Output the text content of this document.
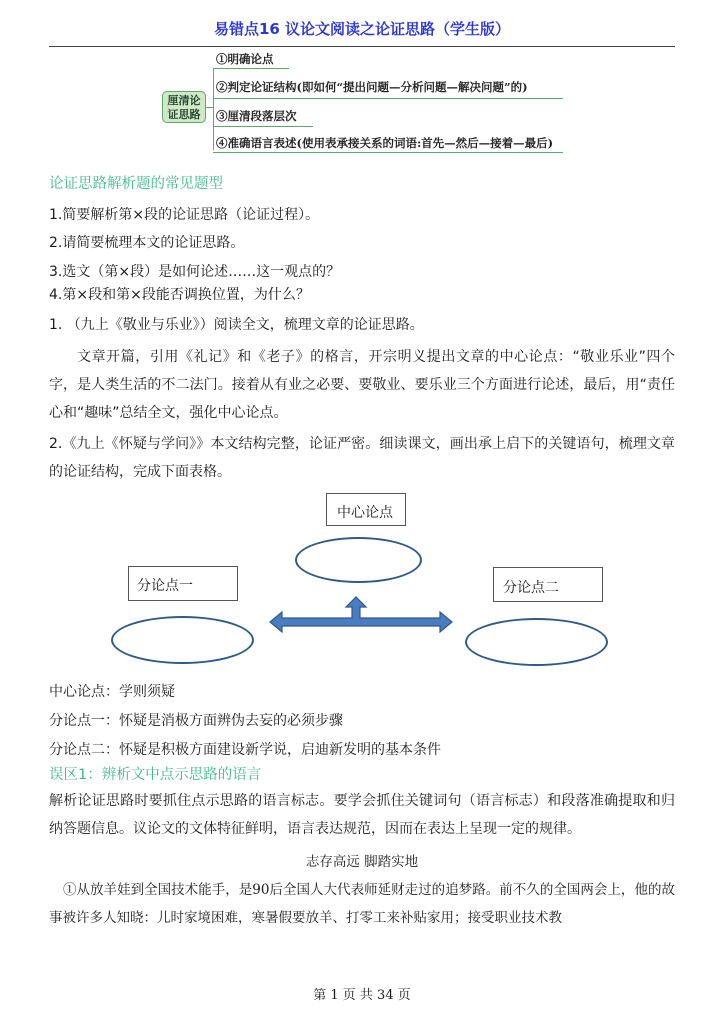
易错点16 议论文阅读之论证思路（学生版）
厘清论
证思路
①明确论点
②判定论证结构(即如何“提出问题—分析问题—解决问题”的)
③厘清段落层次
④准确语言表述(使用表承接关系的词语:首先—然后—接着—最后)
论证思路解析题的常见题型
1.简要解析第×段的论证思路（论证过程）。
2.请简要梳理本文的论证思路。
3.选文（第×段）是如何论述……这一观点的？
4.第×段和第×段能否调换位置，为什么？
1. （九上《敬业与乐业》）阅读全文，梳理文章的论证思路。
文章开篇，引用《礼记》和《老子》的格言，开宗明义提出文章的中心论点：“敬业乐业”四个字，是人类生活的不二法门。接着从有业之必要、要敬业、要乐业三个方面进行论述，最后，用“责任心和“趣味”总结全文，强化中心论点。
2.《九上《怀疑与学问》》本文结构完整，论证严密。细读课文，画出承上启下的关键语句，梳理文章的论证结构，完成下面表格。
中心论点
分论点一	分论点二
中心论点：学则须疑
分论点一：怀疑是消极方面辨伪去妄的必须步骤
分论点二：怀疑是积极方面建设新学说，启迪新发明的基本条件
误区1：辨析文中点示思路的语言
解析论证思路时要抓住点示思路的语言标志。要学会抓住关键词句（语言标志）和段落准确提取和归纳答题信息。议论文的文体特征鲜明，语言表达规范，因而在表达上呈现一定的规律。
志存高远 脚踏实地
①从放羊娃到全国技术能手，是90后全国人大代表师延财走过的追梦路。前不久的全国两会上，他的故事被许多人知晓：儿时家境困难，寒暑假要放羊、打零工来补贴家用；接受职业技术教
第 1 页 共 34 页
